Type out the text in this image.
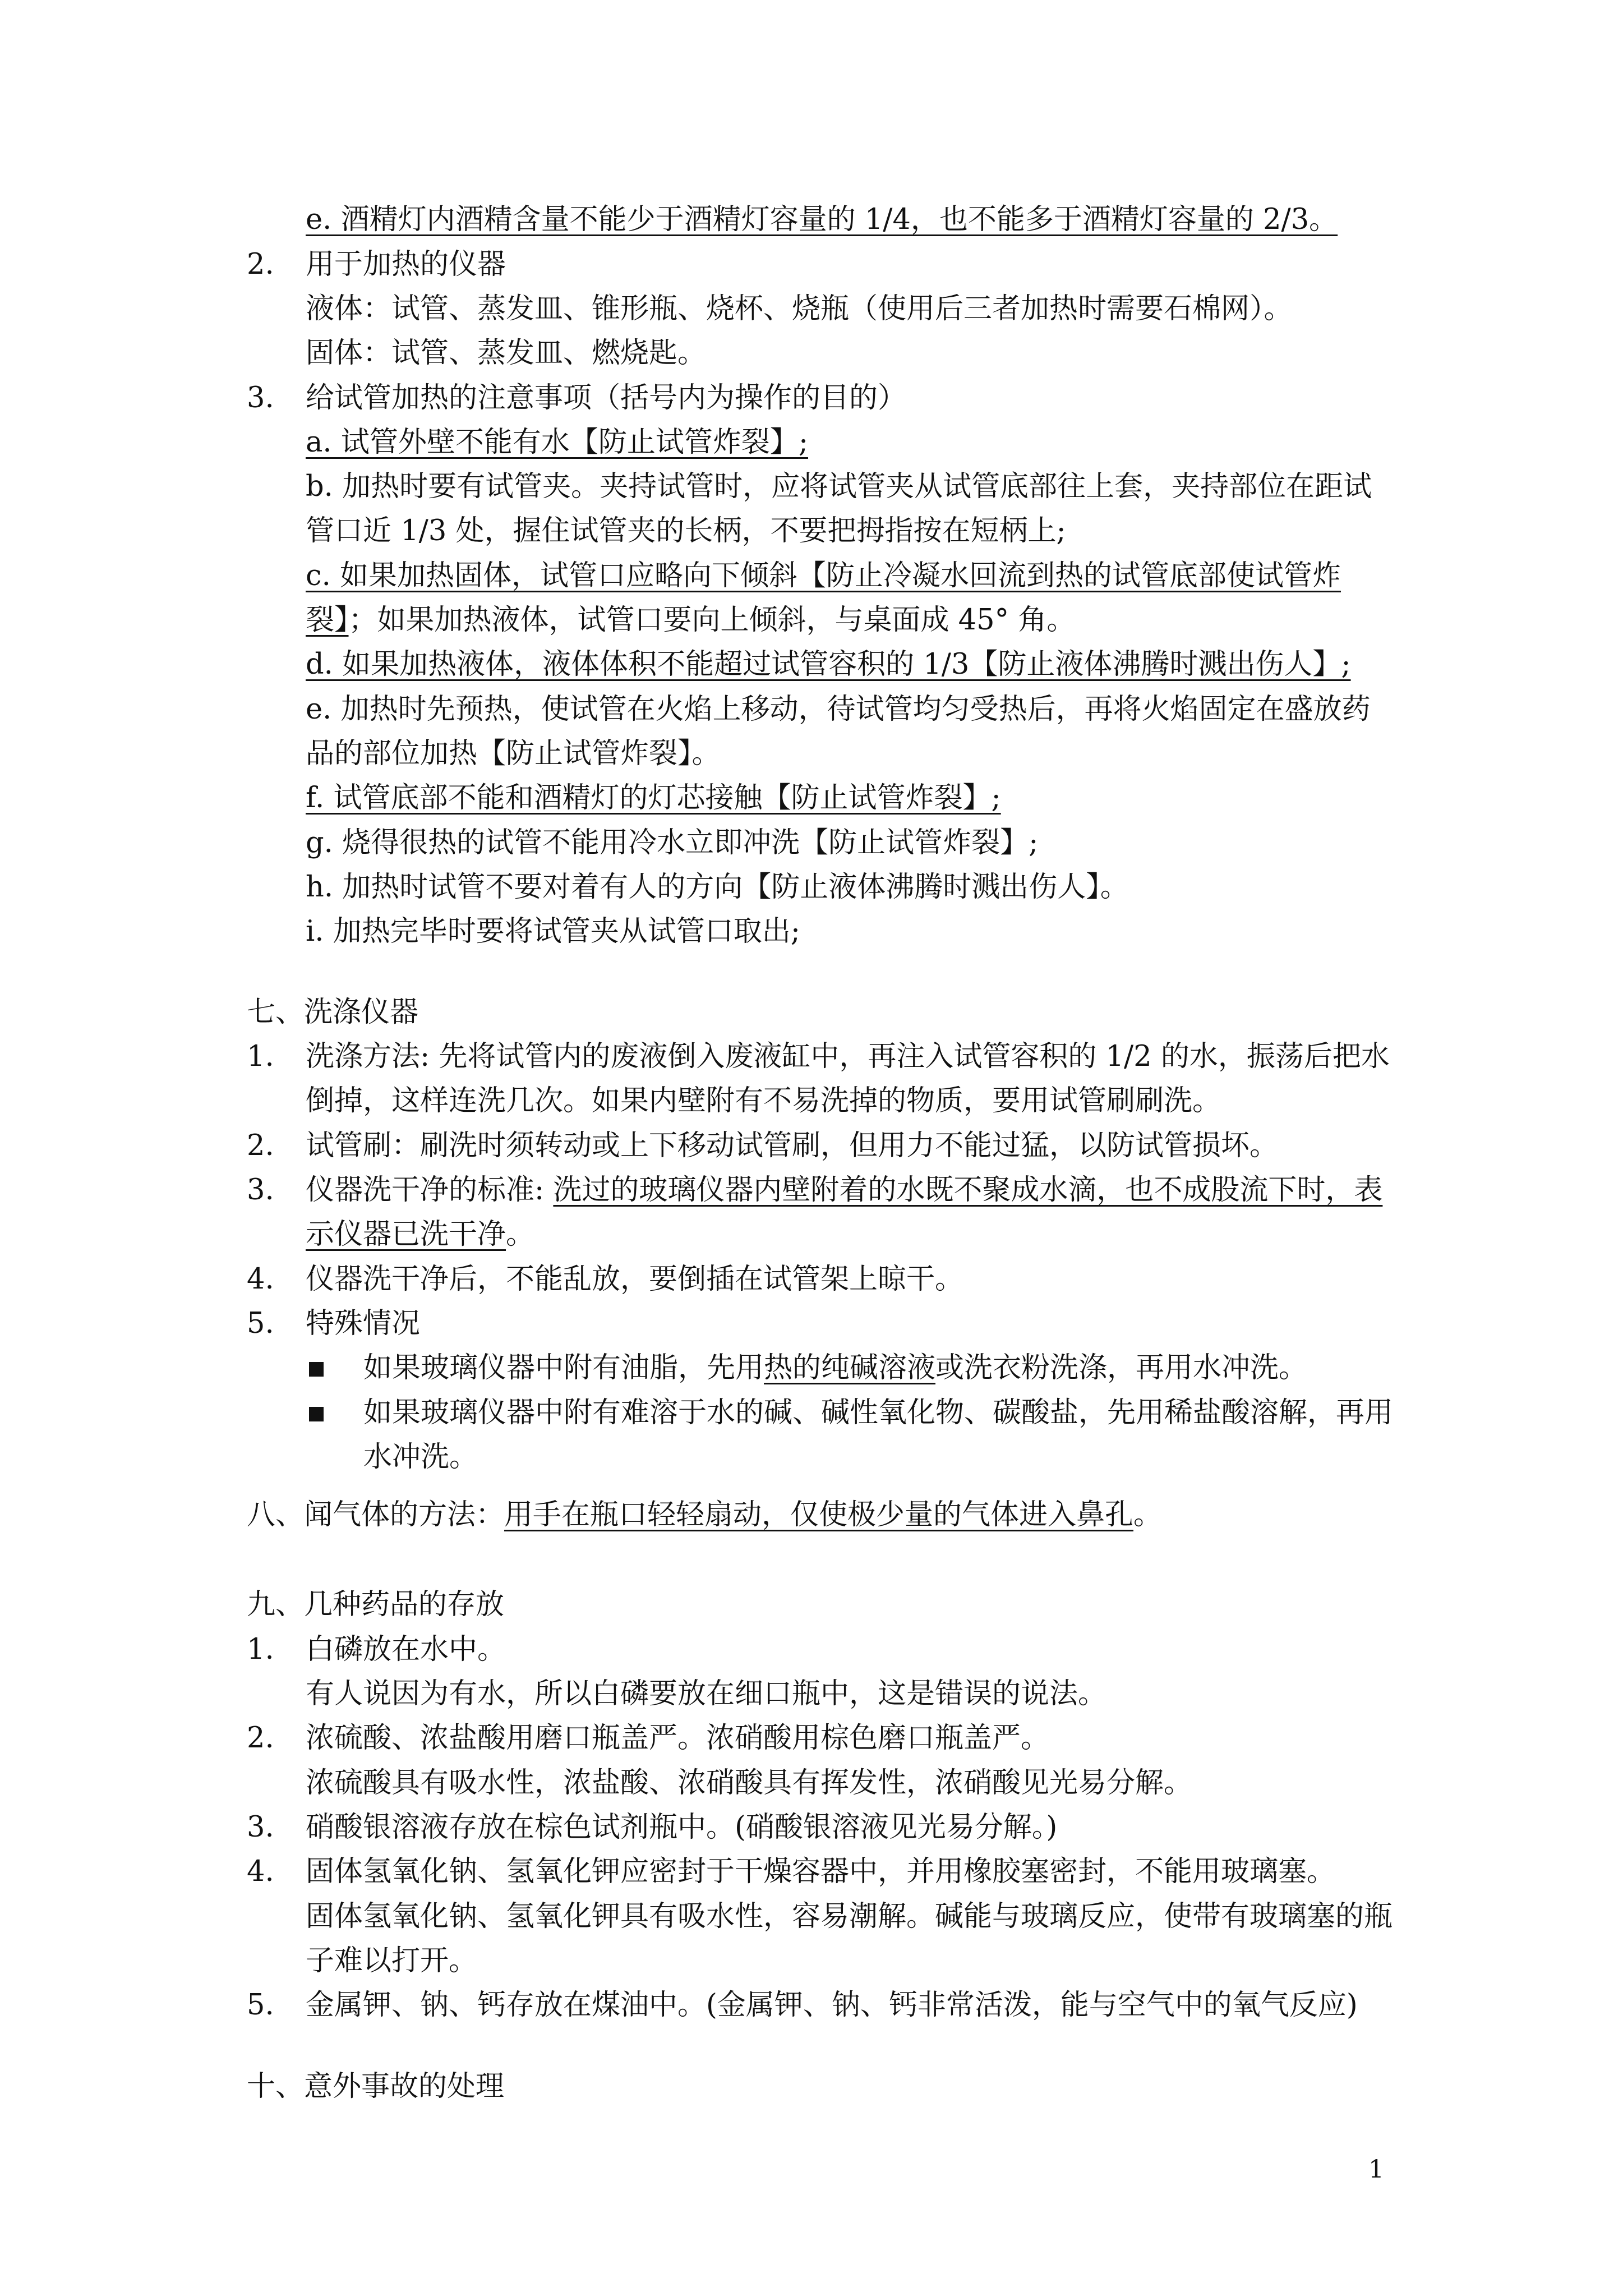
e. 酒精灯内酒精含量不能少于酒精灯容量的 1/4，也不能多于酒精灯容量的 2/3。
2. 用于加热的仪器
液体：试管、蒸发皿、锥形瓶、烧杯、烧瓶（使用后三者加热时需要石棉网）。
固体：试管、蒸发皿、燃烧匙。
3. 给试管加热的注意事项（括号内为操作的目的）
a. 试管外壁不能有水【防止试管炸裂】;
b. 加热时要有试管夹。夹持试管时，应将试管夹从试管底部往上套，夹持部位在距试
管口近 1/3 处，握住试管夹的长柄，不要把拇指按在短柄上;
c. 如果加热固体，试管口应略向下倾斜【防止冷凝水回流到热的试管底部使试管炸
裂】；如果加热液体，试管口要向上倾斜，与桌面成 45° 角。
d. 如果加热液体，液体体积不能超过试管容积的 1/3【防止液体沸腾时溅出伤人】;
e. 加热时先预热，使试管在火焰上移动，待试管均匀受热后，再将火焰固定在盛放药
品的部位加热【防止试管炸裂】。
f. 试管底部不能和酒精灯的灯芯接触【防止试管炸裂】;
g. 烧得很热的试管不能用冷水立即冲洗【防止试管炸裂】;
h. 加热时试管不要对着有人的方向【防止液体沸腾时溅出伤人】。
i. 加热完毕时要将试管夹从试管口取出;
七、洗涤仪器
1. 洗涤方法: 先将试管内的废液倒入废液缸中，再注入试管容积的 1/2 的水，振荡后把水
倒掉，这样连洗几次。如果内壁附有不易洗掉的物质，要用试管刷刷洗。
2. 试管刷：刷洗时须转动或上下移动试管刷，但用力不能过猛，以防试管损坏。
3. 仪器洗干净的标准: 洗过的玻璃仪器内壁附着的水既不聚成水滴，也不成股流下时，表
示仪器已洗干净。
4. 仪器洗干净后，不能乱放，要倒插在试管架上晾干。
5. 特殊情况
如果玻璃仪器中附有油脂，先用热的纯碱溶液或洗衣粉洗涤，再用水冲洗。
如果玻璃仪器中附有难溶于水的碱、碱性氧化物、碳酸盐，先用稀盐酸溶解，再用
水冲洗。
八、闻气体的方法：用手在瓶口轻轻扇动，仅使极少量的气体进入鼻孔。
九、几种药品的存放
1. 白磷放在水中。
有人说因为有水，所以白磷要放在细口瓶中，这是错误的说法。
2. 浓硫酸、浓盐酸用磨口瓶盖严。浓硝酸用棕色磨口瓶盖严。
浓硫酸具有吸水性，浓盐酸、浓硝酸具有挥发性，浓硝酸见光易分解。
3. 硝酸银溶液存放在棕色试剂瓶中。(硝酸银溶液见光易分解。)
4. 固体氢氧化钠、氢氧化钾应密封于干燥容器中，并用橡胶塞密封，不能用玻璃塞。
固体氢氧化钠、氢氧化钾具有吸水性，容易潮解。碱能与玻璃反应，使带有玻璃塞的瓶
子难以打开。
5. 金属钾、钠、钙存放在煤油中。(金属钾、钠、钙非常活泼，能与空气中的氧气反应)
十、意外事故的处理
1
